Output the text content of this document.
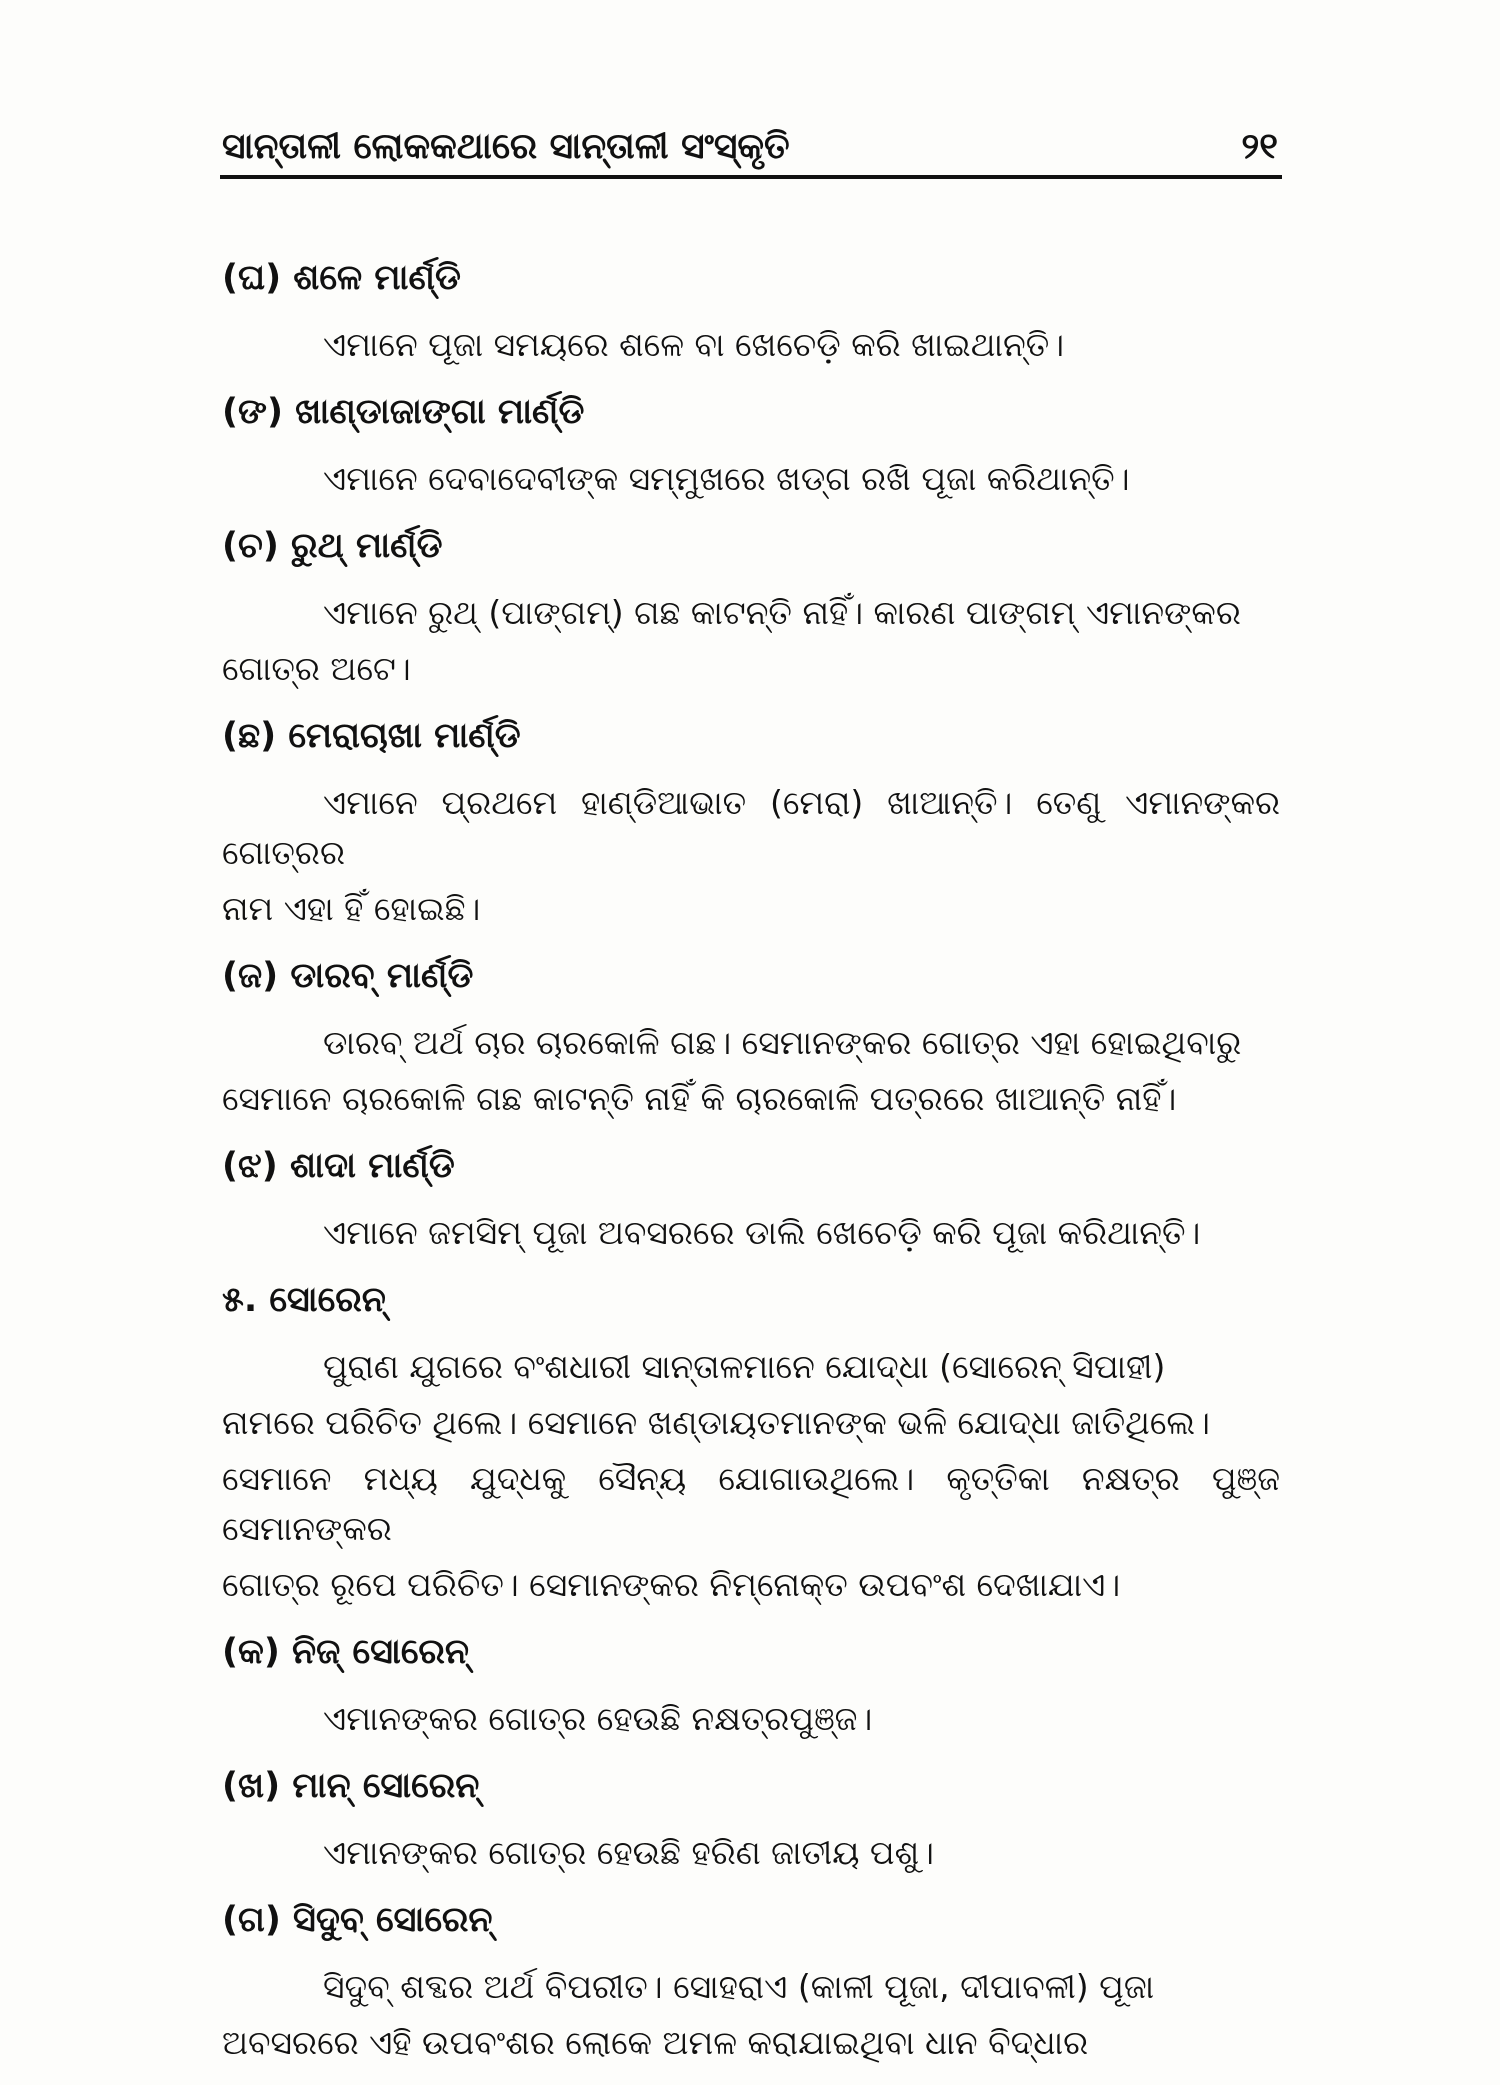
ସାନ୍ତାଳୀ ଲୋକକଥାରେ ସାନ୍ତାଳୀ ସଂସ୍କୃତି	୨୧
(ଘ) ଶଳେ ମାର୍ଣ୍ଡି
ଏମାନେ ପୂଜା ସମୟରେ ଶଳେ ବା ଖେଚେଡ଼ି କରି ଖାଇଥାନ୍ତି।
(ଙ) ଖାଣ୍ଡାଜାଙ୍ଗା ମାର୍ଣ୍ଡି
ଏମାନେ ଦେବାଦେବୀଙ୍କ ସମ୍ମୁଖରେ ଖଡ୍‌ଗ ରଖି ପୂଜା କରିଥାନ୍ତି।
(ଚ) ରୁଥ୍ ମାର୍ଣ୍ଡି
ଏମାନେ ରୁଥ୍ (ପାଙ୍ଗମ୍) ଗଛ କାଟନ୍ତି ନାହିଁ। କାରଣ ପାଙ୍ଗମ୍ ଏମାନଙ୍କର
ଗୋତ୍ର ଅଟେ।
(ଛ) ମେରାଚାଖା ମାର୍ଣ୍ଡି
ଏମାନେ ପ୍ରଥମେ ହାଣ୍ଡିଆଭାତ (ମେରା) ଖାଆନ୍ତି। ତେଣୁ ଏମାନଙ୍କର ଗୋତ୍ରର
ନାମ ଏହା ହିଁ ହୋଇଛି।
(ଜ) ଡାରବ୍ ମାର୍ଣ୍ଡି
ଡାରବ୍ ଅର୍ଥ ଚାର ଚାରକୋଳି ଗଛ। ସେମାନଙ୍କର ଗୋତ୍ର ଏହା ହୋଇଥିବାରୁ
ସେମାନେ ଚାରକୋଳି ଗଛ କାଟନ୍ତି ନାହିଁ କି ଚାରକୋଳି ପତ୍ରରେ ଖାଆନ୍ତି ନାହିଁ।
(ଝ) ଶାଦା ମାର୍ଣ୍ଡି
ଏମାନେ ଜମସିମ୍ ପୂଜା ଅବସରରେ ଡାଲି ଖେଚେଡ଼ି କରି ପୂଜା କରିଥାନ୍ତି।
୫. ସୋରେନ୍
ପୁରାଣ ଯୁଗରେ ବଂଶଧାରୀ ସାନ୍ତାଳମାନେ ଯୋଦ୍ଧା (ସୋରେନ୍ ସିପାହୀ)
ନାମରେ ପରିଚିତ ଥିଲେ। ସେମାନେ ଖଣ୍ଡାୟତମାନଙ୍କ ଭଳି ଯୋଦ୍ଧା ଜାତିଥିଲେ।
ସେମାନେ ମଧ୍ୟ ଯୁଦ୍ଧକୁ ସୈନ୍ୟ ଯୋଗାଉଥିଲେ। କୃତ୍ତିକା ନକ୍ଷତ୍ର ପୁଞ୍ଜ ସେମାନଙ୍କର
ଗୋତ୍ର ରୂପେ ପରିଚିତ। ସେମାନଙ୍କର ନିମ୍ନୋକ୍ତ ଉପବଂଶ ଦେଖାଯାଏ।
(କ) ନିଜ୍ ସୋରେନ୍
ଏମାନଙ୍କର ଗୋତ୍ର ହେଉଛି ନକ୍ଷତ୍ରପୁଞ୍ଜ।
(ଖ) ମାନ୍ ସୋରେନ୍
ଏମାନଙ୍କର ଗୋତ୍ର ହେଉଛି ହରିଣ ଜାତୀୟ ପଶୁ।
(ଗ) ସିଦୁବ୍ ସୋରେନ୍
ସିଦୁବ୍ ଶବ୍ଦର ଅର୍ଥ ବିପରୀତ। ସୋହରାଏ (କାଳୀ ପୂଜା, ଦୀପାବଳୀ) ପୂଜା
ଅବସରରେ ଏହି ଉପବଂଶର ଲୋକେ ଅମଳ କରାଯାଇଥିବା ଧାନ ବିଦ୍ଧାର
